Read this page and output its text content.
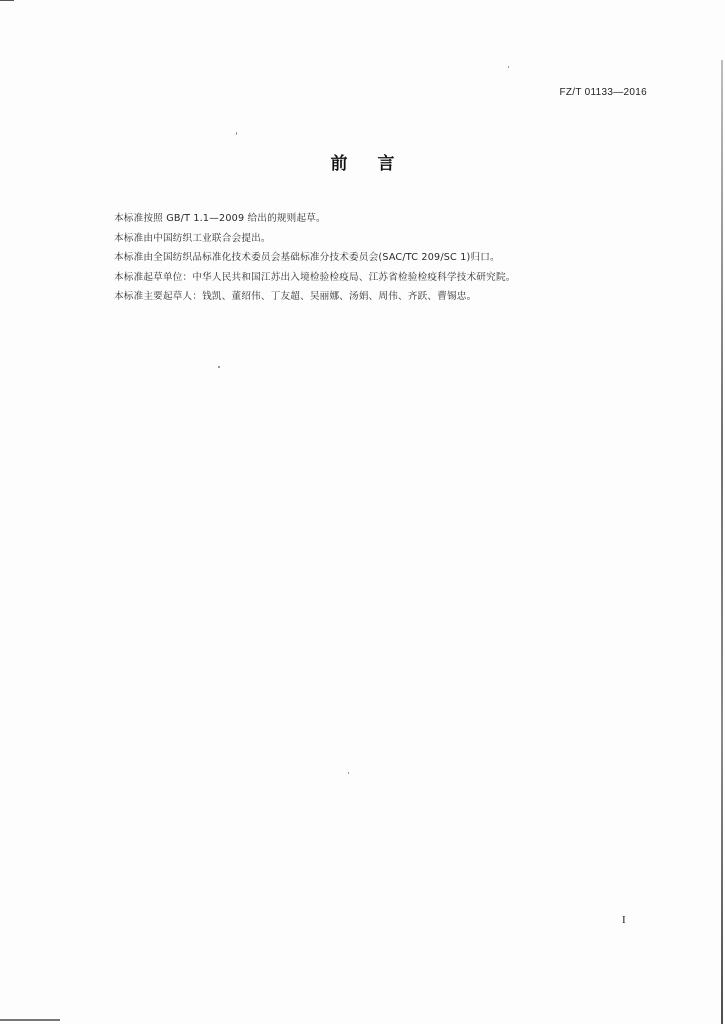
FZ/T 01133—2016
前言
本标准按照 GB/T 1.1—2009 给出的规则起草。
本标准由中国纺织工业联合会提出。
本标准由全国纺织品标准化技术委员会基础标准分技术委员会(SAC/TC 209/SC 1)归口。
本标准起草单位：中华人民共和国江苏出入境检验检疫局、江苏省检验检疫科学技术研究院。
本标准主要起草人：钱凯、董绍伟、丁友超、吴丽娜、汤娟、周伟、齐跃、曹锡忠。
I
